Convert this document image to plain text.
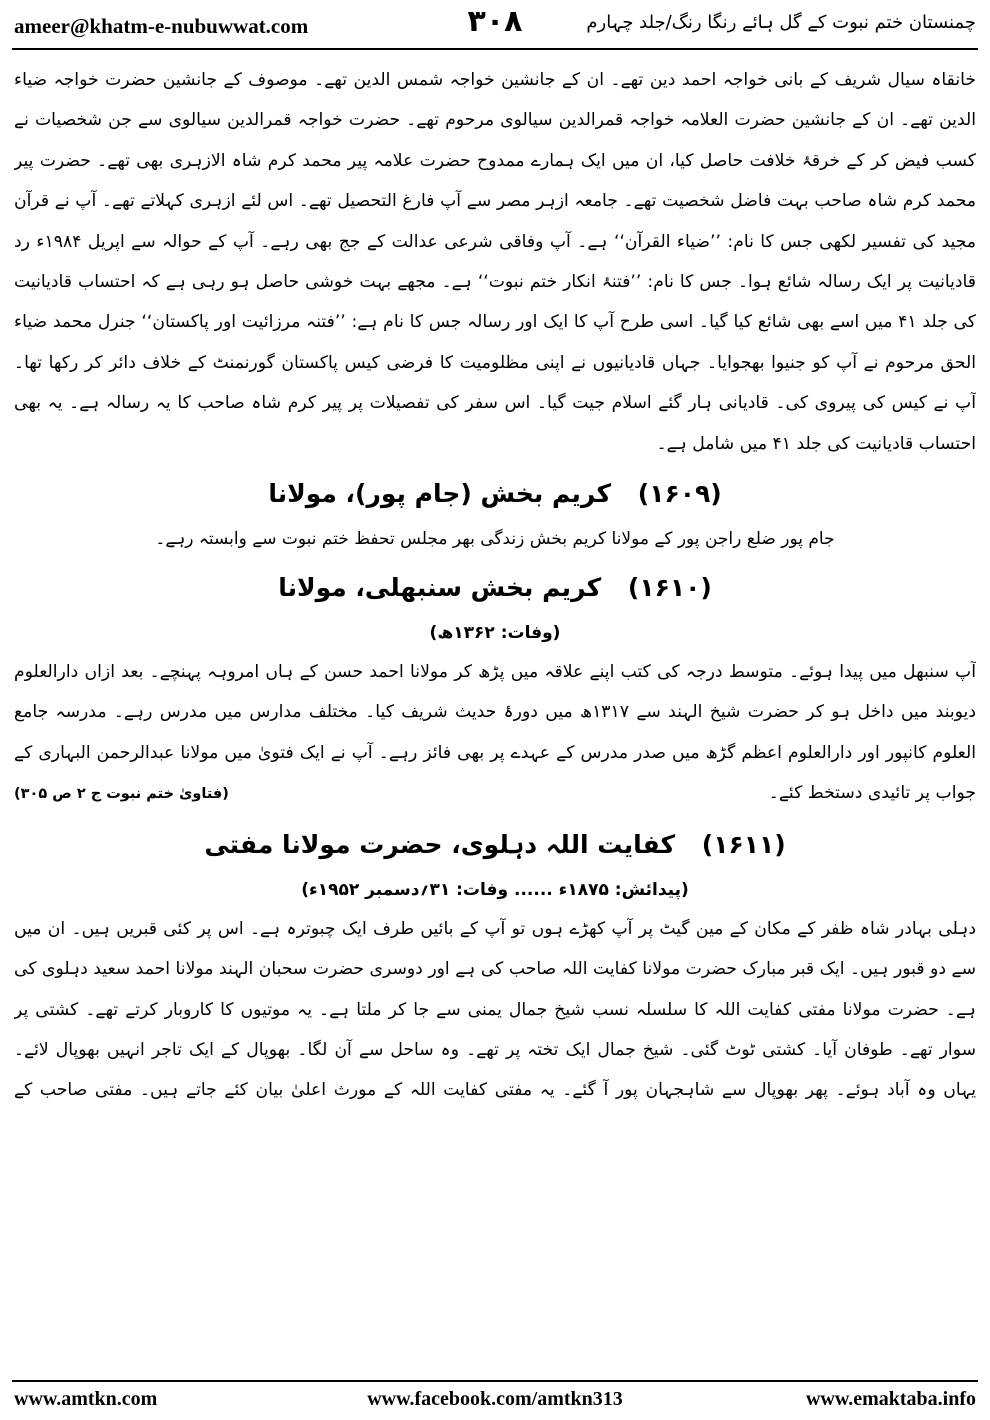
ameer@khatm-e-nubuwwat.com	۳۰۸	چمنستان ختم نبوت کے گل ہائے رنگا رنگ/جلد چہارم

خانقاہ سیال شریف کے بانی خواجہ احمد دین تھے۔ ان کے جانشین خواجہ شمس الدین تھے۔ موصوف کے جانشین حضرت خواجہ ضیاء الدین تھے۔ ان کے جانشین حضرت العلامہ خواجہ قمرالدین سیالوی مرحوم تھے۔ حضرت خواجہ قمرالدین سیالوی سے جن شخصیات نے کسب فیض کر کے خرقۂ خلافت حاصل کیا، ان میں ایک ہمارے ممدوح حضرت علامہ پیر محمد کرم شاہ الازہری بھی تھے۔ حضرت پیر محمد کرم شاہ صاحب بہت فاضل شخصیت تھے۔ جامعہ ازہر مصر سے آپ فارغ التحصیل تھے۔ اس لئے ازہری کہلاتے تھے۔ آپ نے قرآن مجید کی تفسیر لکھی جس کا نام: ’’ضیاء القرآن‘‘ ہے۔ آپ وفاقی شرعی عدالت کے جج بھی رہے۔ آپ کے حوالہ سے اپریل ۱۹۸۴ء رد قادیانیت پر ایک رسالہ شائع ہوا۔ جس کا نام: ’’فتنۂ انکار ختم نبوت‘‘ ہے۔ مجھے بہت خوشی حاصل ہو رہی ہے کہ احتساب قادیانیت کی جلد ۴۱ میں اسے بھی شائع کیا گیا۔ اسی طرح آپ کا ایک اور رسالہ جس کا نام ہے: ’’فتنہ مرزائیت اور پاکستان‘‘ جنرل محمد ضیاء الحق مرحوم نے آپ کو جنیوا بھجوایا۔ جہاں قادیانیوں نے اپنی مظلومیت کا فرضی کیس پاکستان گورنمنٹ کے خلاف دائر کر رکھا تھا۔ آپ نے کیس کی پیروی کی۔ قادیانی ہار گئے اسلام جیت گیا۔ اس سفر کی تفصیلات پر پیر کرم شاہ صاحب کا یہ رسالہ ہے۔ یہ بھی احتساب قادیانیت کی جلد ۴۱ میں شامل ہے۔

(۱۶۰۹) کریم بخش (جام پور)، مولانا

جام پور ضلع راجن پور کے مولانا کریم بخش زندگی بھر مجلس تحفظ ختم نبوت سے وابستہ رہے۔

(۱۶۱۰) کریم بخش سنبھلی، مولانا

(وفات: ۱۳۶۲ھ)

آپ سنبھل میں پیدا ہوئے۔ متوسط درجہ کی کتب اپنے علاقہ میں پڑھ کر مولانا احمد حسن کے ہاں امروہہ پہنچے۔ بعد ازاں دارالعلوم دیوبند میں داخل ہو کر حضرت شیخ الہند سے ۱۳۱۷ھ میں دورۂ حدیث شریف کیا۔ مختلف مدارس میں مدرس رہے۔ مدرسہ جامع العلوم کانپور اور دارالعلوم اعظم گڑھ میں صدر مدرس کے عہدے پر بھی فائز رہے۔ آپ نے ایک فتویٰ میں مولانا عبدالرحمن البہاری کے

جواب پر تائیدی دستخط کئے۔
(فتاویٰ ختم نبوت ج ۲ ص ۳۰۵)
(۱۶۱۱) کفایت اللہ دہلوی، حضرت مولانا مفتی

(پیدائش: ۱۸۷۵ء ...... وفات: ۳۱؍دسمبر ۱۹۵۲ء)

دہلی بہادر شاہ ظفر کے مکان کے مین گیٹ پر آپ کھڑے ہوں تو آپ کے بائیں طرف ایک چبوترہ ہے۔ اس پر کئی قبریں ہیں۔ ان میں سے دو قبور ہیں۔ ایک قبر مبارک حضرت مولانا کفایت اللہ صاحب کی ہے اور دوسری حضرت سحبان الہند مولانا احمد سعید دہلوی کی ہے۔ حضرت مولانا مفتی کفایت اللہ کا سلسلہ نسب شیخ جمال یمنی سے جا کر ملتا ہے۔ یہ موتیوں کا کاروبار کرتے تھے۔ کشتی پر سوار تھے۔ طوفان آیا۔ کشتی ٹوٹ گئی۔ شیخ جمال ایک تختہ پر تھے۔ وہ ساحل سے آن لگا۔ بھوپال کے ایک تاجر انہیں بھوپال لائے۔ یہاں وہ آباد ہوئے۔ پھر بھوپال سے شاہجہان پور آ گئے۔ یہ مفتی کفایت اللہ کے مورث اعلیٰ بیان کئے جاتے ہیں۔ مفتی صاحب کے

www.amtkn.com	www.facebook.com/amtkn313	www.emaktaba.info
